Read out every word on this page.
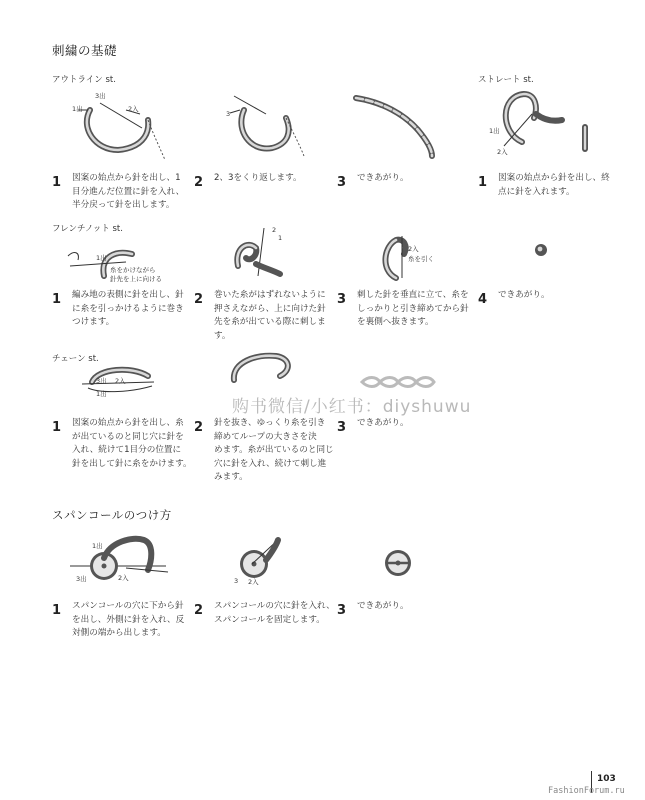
刺繍の基礎
アウトライン st.	ストレート st.
3出
1出	2入
3
1出
2入
1 図案の始点から針を出し、1
目分進んだ位置に針を入れ、
半分戻って針を出します。
2 2、3をくり返します。	3 できあがり。	1 図案の始点から針を出し、終
点に針を入れます。
フレンチノット st.
1出
糸をかけながら
針先を上に向ける
2
1
2入
糸を引く
1 編み地の表側に針を出し、針
に糸を引っかけるように巻き
つけます。
2 巻いた糸がはずれないように
押さえながら、上に向けた針
先を糸が出ている際に刺しま
す。
3 刺した針を垂直に立て、糸を
しっかりと引き締めてから針
を裏側へ抜きます。
4 できあがり。
チェーン st.
3出 2入
1出
购书微信/小红书：diyshuwu
1 図案の始点から針を出し、糸
が出ているのと同じ穴に針を
入れ、続けて1目分の位置に
針を出して針に糸をかけます。
2 針を抜き、ゆっくり糸を引き
締めてループの大きさを決
めます。糸が出ているのと同じ
穴に針を入れ、続けて刺し進
みます。
3 できあがり。
スパンコールのつけ方
1出
3出	2入	3 2入
1 スパンコールの穴に下から針
を出し、外側に針を入れ、反
対側の端から出します。
2 スパンコールの穴に針を入れ、
スパンコールを固定します。
3 できあがり。
103
FashionForum.ru
